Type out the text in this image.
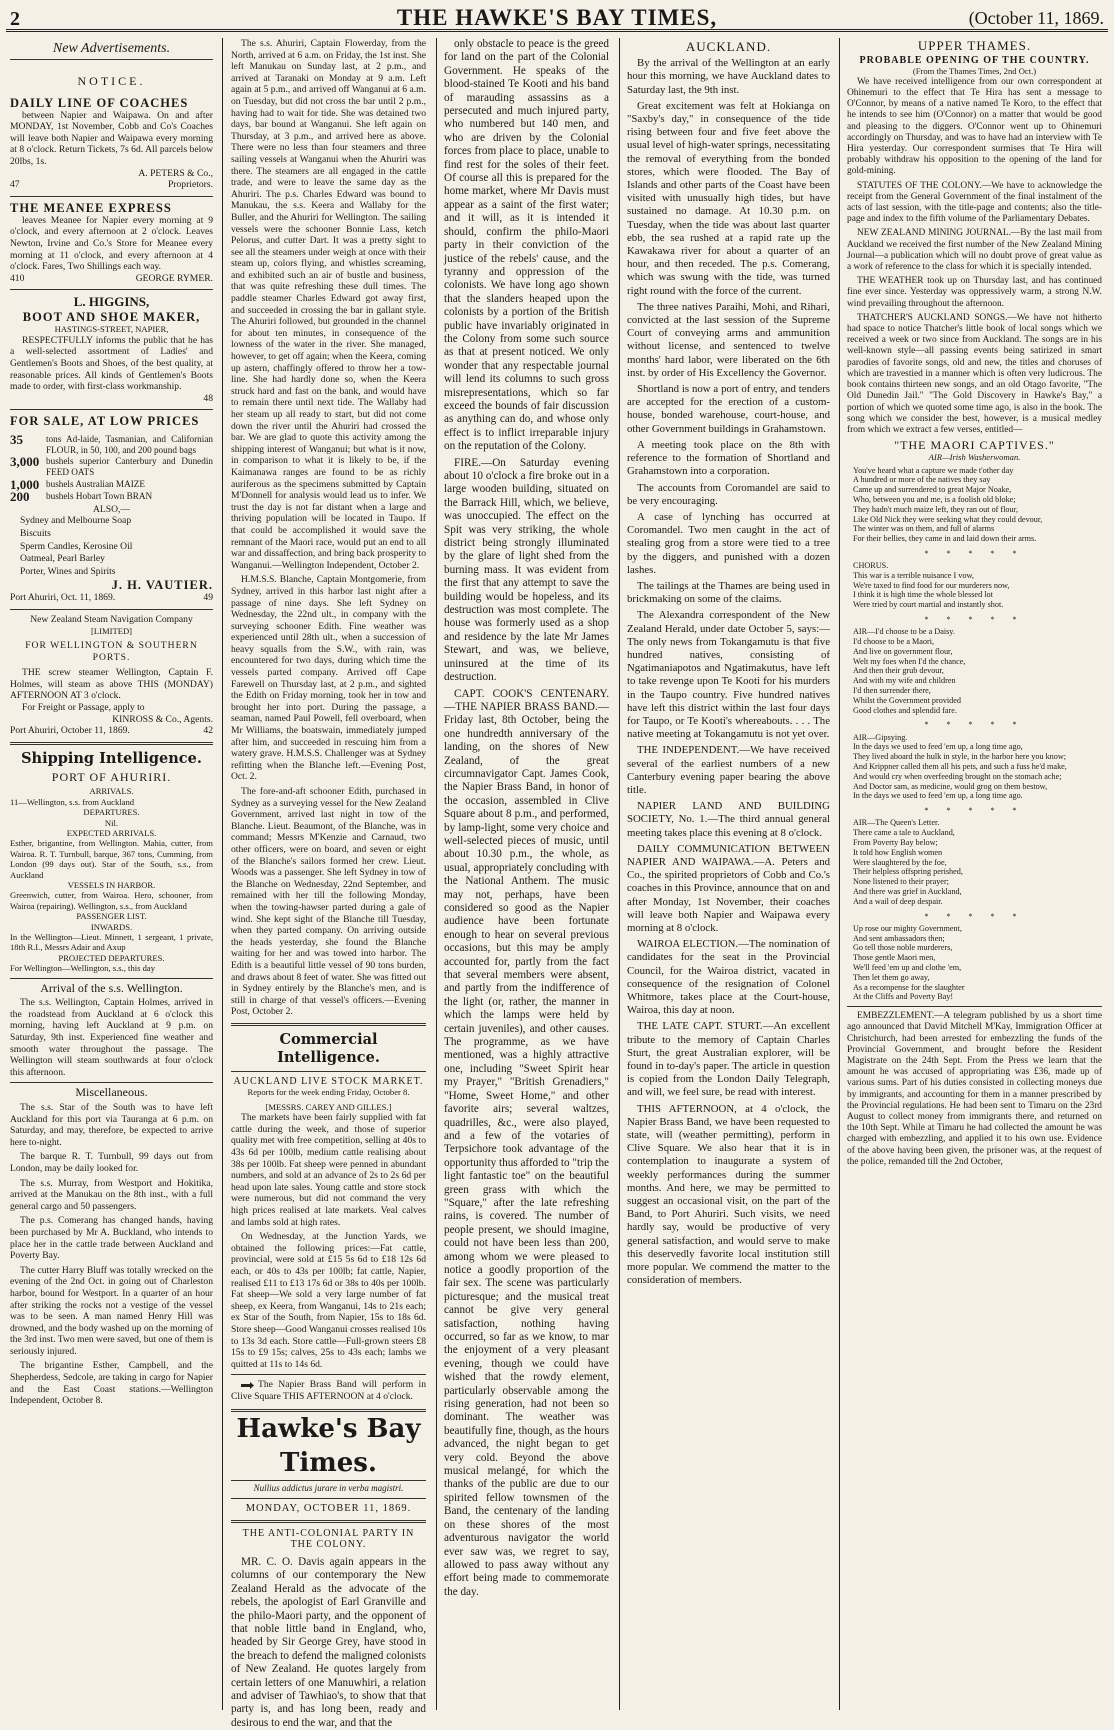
2	THE HAWKE'S BAY TIMES,	(October 11, 1869.
New Advertisements.
NOTICE.
DAILY LINE OF COACHES
between Napier and Waipawa. On and after MONDAY, 1st November, Cobb and Co's Coaches will leave both Napier and Waipawa every morning at 8 o'clock. Return Tickets, 7s 6d. All parcels below 20lbs, 1s.
A. PETERS & Co.,
47	Proprietors.
THE MEANEE EXPRESS
leaves Meanee for Napier every morning at 9 o'clock, and every afternoon at 2 o'clock. Leaves Newton, Irvine and Co.'s Store for Meanee every morning at 11 o'clock, and every afternoon at 4 o'clock. Fares, Two Shillings each way.
410	GEORGE RYMER.
L. HIGGINS,
BOOT AND SHOE MAKER,
HASTINGS-STREET, NAPIER,
RESPECTFULLY informs the public that he has a well-selected assortment of Ladies' and Gentlemen's Boots and Shoes, of the best quality, at reasonable prices. All kinds of Gentlemen's Boots made to order, with first-class workmanship.
48
FOR SALE, AT LOW PRICES
35	tons Ad-laide, Tasmanian, and Californian FLOUR, in 50, 100, and 200 pound bags
3,000 bushels superior Canterbury and Dunedin FEED OATS
1,000 bushels Australian MAIZE
200	bushels Hobart Town BRAN
ALSO,—
Sydney and Melbourne Soap
Biscuits
Sperm Candles, Kerosine Oil
Oatmeal, Pearl Barley
Porter, Wines and Spirits
J. H. VAUTIER.
Port Ahuriri, Oct. 11, 1869.	49
New Zealand Steam Navigation Company
[LIMITED]
FOR WELLINGTON & SOUTHERN PORTS.
THE screw steamer Wellington, Captain F. Holmes, will steam as above THIS (MONDAY) AFTERNOON AT 3 o'clock.
For Freight or Passage, apply to
KINROSS & Co., Agents.
Port Ahuriri, October 11, 1869.	42
Shipping Intelligence.
PORT OF AHURIRI.
ARRIVALS.
11—Wellington, s.s. from Auckland
DEPARTURES.
Nil.
EXPECTED ARRIVALS.
Esther, brigantine, from Wellington. Mahia, cutter, from Wairoa. R. T. Turnbull, barque, 367 tons, Cumming, from London (99 days out). Star of the South, s.s., from Auckland
VESSELS IN HARBOR.
Greenwich, cutter, from Wairoa. Hero, schooner, from Wairoa (repairing). Wellington, s.s., from Auckland
PASSENGER LIST.
INWARDS.
In the Wellington—Lieut. Minnett, 1 sergeant, 1 private, 18th R.I., Messrs Adair and Axup
PROJECTED DEPARTURES.
For Wellington—Wellington, s.s., this day
Arrival of the s.s. Wellington.
The s.s. Wellington, Captain Holmes, arrived in the roadstead from Auckland at 6 o'clock this morning, having left Auckland at 9 p.m. on Saturday, 9th inst. Experienced fine weather and smooth water throughout the passage. The Wellington will steam southwards at four o'clock this afternoon.
Miscellaneous.
The s.s. Star of the South was to have left Auckland for this port via Tauranga at 6 p.m. on Saturday, and may, therefore, be expected to arrive here to-night.
The barque R. T. Turnbull, 99 days out from London, may be daily looked for.
The s.s. Murray, from Westport and Hokitika, arrived at the Manukau on the 8th inst., with a full general cargo and 50 passengers.
The p.s. Comerang has changed hands, having been purchased by Mr A. Buckland, who intends to place her in the cattle trade between Auckland and Poverty Bay.
The cutter Harry Bluff was totally wrecked on the evening of the 2nd Oct. in going out of Charleston harbor, bound for Westport. In a quarter of an hour after striking the rocks not a vestige of the vessel was to be seen. A man named Henry Hill was drowned, and the body washed up on the morning of the 3rd inst. Two men were saved, but one of them is seriously injured.
The brigantine Esther, Campbell, and the Shepherdess, Sedcole, are taking in cargo for Napier and the East Coast stations.—Wellington Independent, October 8.
The s.s. Ahuriri, Captain Flowerday, from the North, arrived at 6 a.m. on Friday, the 1st inst. She left Manukau on Sunday last, at 2 p.m., and arrived at Taranaki on Monday at 9 a.m. Left again at 5 p.m., and arrived off Wanganui at 6 a.m. on Tuesday, but did not cross the bar until 2 p.m., having had to wait for tide. She was detained two days, bar bound at Wanganui. She left again on Thursday, at 3 p.m., and arrived here as above. There were no less than four steamers and three sailing vessels at Wanganui when the Ahuriri was there. The steamers are all engaged in the cattle trade, and were to leave the same day as the Ahuriri. The p.s. Charles Edward was bound to Manukau, the s.s. Keera and Wallaby for the Buller, and the Ahuriri for Wellington. The sailing vessels were the schooner Bonnie Lass, ketch Pelorus, and cutter Dart. It was a pretty sight to see all the steamers under weigh at once with their steam up, colors flying, and whistles screaming, and exhibited such an air of bustle and business, that was quite refreshing these dull times. The paddle steamer Charles Edward got away first, and succeeded in crossing the bar in gallant style. The Ahuriri followed, but grounded in the channel for about ten minutes, in consequence of the lowness of the water in the river. She managed, however, to get off again; when the Keera, coming up astern, chaffingly offered to throw her a tow-line. She had hardly done so, when the Keera struck hard and fast on the bank, and would have to remain there until next tide. The Wallaby had her steam up all ready to start, but did not come down the river until the Ahuriri had crossed the bar. We are glad to quote this activity among the shipping interest of Wanganui; but what is it now, in comparison to what it is likely to be, if the Kaimanawa ranges are found to be as richly auriferous as the specimens submitted by Captain M'Donnell for analysis would lead us to infer. We trust the day is not far distant when a large and thriving population will be located in Taupo. If that could be accomplished it would save the remnant of the Maori race, would put an end to all war and dissaffection, and bring back prosperity to Wanganui.—Wellington Independent, October 2.
H.M.S.S. Blanche, Captain Montgomerie, from Sydney, arrived in this harbor last night after a passage of nine days. She left Sydney on Wednesday, the 22nd ult., in company with the surveying schooner Edith. Fine weather was experienced until 28th ult., when a succession of heavy squalls from the S.W., with rain, was encountered for two days, during which time the vessels parted company. Arrived off Cape Farewell on Thursday last, at 2 p.m., and sighted the Edith on Friday morning, took her in tow and brought her into port. During the passage, a seaman, named Paul Powell, fell overboard, when Mr Williams, the boatswain, immediately jumped after him, and succeeded in rescuing him from a watery grave. H.M.S.S. Challenger was at Sydney refitting when the Blanche left.—Evening Post, Oct. 2.
The fore-and-aft schooner Edith, purchased in Sydney as a surveying vessel for the New Zealand Government, arrived last night in tow of the Blanche. Lieut. Beaumont, of the Blanche, was in command; Messrs M'Kenzie and Carnaud, two other officers, were on board, and seven or eight of the Blanche's sailors formed her crew. Lieut. Woods was a passenger. She left Sydney in tow of the Blanche on Wednesday, 22nd September, and remained with her till the following Monday, when the towing-hawser parted during a gale of wind. She kept sight of the Blanche till Tuesday, when they parted company. On arriving outside the heads yesterday, she found the Blanche waiting for her and was towed into harbor. The Edith is a beautiful little vessel of 90 tons burden, and draws about 8 feet of water. She was fitted out in Sydney entirely by the Blanche's men, and is still in charge of that vessel's officers.—Evening Post, October 2.
Commercial Intelligence.
AUCKLAND LIVE STOCK MARKET.
Reports for the week ending Friday, October 8.
[MESSRS. CAREY AND GILLES.]
The markets have been fairly supplied with fat cattle during the week, and those of superior quality met with free competition, selling at 40s to 43s 6d per 100lb, medium cattle realising about 38s per 100lb. Fat sheep were penned in abundant numbers, and sold at an advance of 2s to 2s 6d per head upon late sales. Young cattle and store stock were numerous, but did not command the very high prices realised at late markets. Veal calves and lambs sold at high rates.
On Wednesday, at the Junction Yards, we obtained the following prices:—Fat cattle, provincial, were sold at £15 5s 6d to £18 12s 6d each, or 40s to 43s per 100lb; fat cattle, Napier, realised £11 to £13 17s 6d or 38s to 40s per 100lb. Fat sheep—We sold a very large number of fat sheep, ex Keera, from Wanganui, 14s to 21s each; ex Star of the South, from Napier, 15s to 18s 6d. Store sheep—Good Wanganui crosses realised 10s to 13s 3d each. Store cattle—Full-grown steers £8 15s to £9 15s; calves, 25s to 43s each; lambs we quitted at 11s to 14s 6d.
The Napier Brass Band will perform in Clive Square THIS AFTERNOON at 4 o'clock.
Hawke's Bay Times.
Nullius addictus jurare in verba magistri.
MONDAY, OCTOBER 11, 1869.
THE ANTI-COLONIAL PARTY IN THE COLONY.
MR. C. O. Davis again appears in the columns of our contemporary the New Zealand Herald as the advocate of the rebels, the apologist of Earl Granville and the philo-Maori party, and the opponent of that noble little band in England, who, headed by Sir George Grey, have stood in the breach to defend the maligned colonists of New Zealand. He quotes largely from certain letters of one Manuwhiri, a relation and adviser of Tawhiao's, to show that that party is, and has long been, ready and desirous to end the war, and that the
only obstacle to peace is the greed for land on the part of the Colonial Government. He speaks of the blood-stained Te Kooti and his band of marauding assassins as a persecuted and much injured party, who numbered but 140 men, and who are driven by the Colonial forces from place to place, unable to find rest for the soles of their feet. Of course all this is prepared for the home market, where Mr Davis must appear as a saint of the first water; and it will, as it is intended it should, confirm the philo-Maori party in their conviction of the justice of the rebels' cause, and the tyranny and oppression of the colonists. We have long ago shown that the slanders heaped upon the colonists by a portion of the British public have invariably originated in the Colony from some such source as that at present noticed. We only wonder that any respectable journal will lend its columns to such gross misrepresentations, which so far exceed the bounds of fair discussion as anything can do, and whose only effect is to inflict irreparable injury on the reputation of the Colony.
FIRE.—On Saturday evening about 10 o'clock a fire broke out in a large wooden building, situated on the Barrack Hill, which, we believe, was unoccupied. The effect on the Spit was very striking, the whole district being strongly illuminated by the glare of light shed from the burning mass. It was evident from the first that any attempt to save the building would be hopeless, and its destruction was most complete. The house was formerly used as a shop and residence by the late Mr James Stewart, and was, we believe, uninsured at the time of its destruction.
CAPT. COOK'S CENTENARY.—THE NAPIER BRASS BAND.—Friday last, 8th October, being the one hundredth anniversary of the landing, on the shores of New Zealand, of the great circumnavigator Capt. James Cook, the Napier Brass Band, in honor of the occasion, assembled in Clive Square about 8 p.m., and performed, by lamp-light, some very choice and well-selected pieces of music, until about 10.30 p.m., the whole, as usual, appropriately concluding with the National Anthem. The music may not, perhaps, have been considered so good as the Napier audience have been fortunate enough to hear on several previous occasions, but this may be amply accounted for, partly from the fact that several members were absent, and partly from the indifference of the light (or, rather, the manner in which the lamps were held by certain juveniles), and other causes. The programme, as we have mentioned, was a highly attractive one, including "Sweet Spirit hear my Prayer," "British Grenadiers," "Home, Sweet Home," and other favorite airs; several waltzes, quadrilles, &c., were also played, and a few of the votaries of Terpsichore took advantage of the opportunity thus afforded to "trip the light fantastic toe" on the beautiful green grass with which the "Square," after the late refreshing rains, is covered. The number of people present, we should imagine, could not have been less than 200, among whom we were pleased to notice a goodly proportion of the fair sex. The scene was particularly picturesque; and the musical treat cannot be give very general satisfaction, nothing having occurred, so far as we know, to mar the enjoyment of a very pleasant evening, though we could have wished that the rowdy element, particularly observable among the rising generation, had not been so dominant. The weather was beautifully fine, though, as the hours advanced, the night began to get very cold. Beyond the above musical melangé, for which the thanks of the public are due to our spirited fellow townsmen of the Band, the centenary of the landing on these shores of the most adventurous navigator the world ever saw was, we regret to say, allowed to pass away without any effort being made to commemorate the day.
AUCKLAND.
By the arrival of the Wellington at an early hour this morning, we have Auckland dates to Saturday last, the 9th inst.
Great excitement was felt at Hokianga on "Saxby's day," in consequence of the tide rising between four and five feet above the usual level of high-water springs, necessitating the removal of everything from the bonded stores, which were flooded. The Bay of Islands and other parts of the Coast have been visited with unusually high tides, but have sustained no damage. At 10.30 p.m. on Tuesday, when the tide was about last quarter ebb, the sea rushed at a rapid rate up the Kawakawa river for about a quarter of an hour, and then receded. The p.s. Comerang, which was swung with the tide, was turned right round with the force of the current.
The three natives Paraihi, Mohi, and Rihari, convicted at the last session of the Supreme Court of conveying arms and ammunition without license, and sentenced to twelve months' hard labor, were liberated on the 6th inst. by order of His Excellency the Governor.
Shortland is now a port of entry, and tenders are accepted for the erection of a custom-house, bonded warehouse, court-house, and other Government buildings in Grahamstown.
A meeting took place on the 8th with reference to the formation of Shortland and Grahamstown into a corporation.
The accounts from Coromandel are said to be very encouraging.
A case of lynching has occurred at Coromandel. Two men caught in the act of stealing grog from a store were tied to a tree by the diggers, and punished with a dozen lashes.
The tailings at the Thames are being used in brickmaking on some of the claims.
The Alexandra correspondent of the New Zealand Herald, under date October 5, says:—The only news from Tokangamutu is that five hundred natives, consisting of Ngatimaniapotos and Ngatimakutus, have left to take revenge upon Te Kooti for his murders in the Taupo country. Five hundred natives have left this district within the last four days for Taupo, or Te Kooti's whereabouts. . . . The native meeting at Tokangamutu is not yet over.
THE INDEPENDENT.—We have received several of the earliest numbers of a new Canterbury evening paper bearing the above title.
NAPIER LAND AND BUILDING SOCIETY, No. 1.—The third annual general meeting takes place this evening at 8 o'clock.
DAILY COMMUNICATION BETWEEN NAPIER AND WAIPAWA.—A. Peters and Co., the spirited proprietors of Cobb and Co.'s coaches in this Province, announce that on and after Monday, 1st November, their coaches will leave both Napier and Waipawa every morning at 8 o'clock.
WAIROA ELECTION.—The nomination of candidates for the seat in the Provincial Council, for the Wairoa district, vacated in consequence of the resignation of Colonel Whitmore, takes place at the Court-house, Wairoa, this day at noon.
THE LATE CAPT. STURT.—An excellent tribute to the memory of Captain Charles Sturt, the great Australian explorer, will be found in to-day's paper. The article in question is copied from the London Daily Telegraph, and will, we feel sure, be read with interest.
THIS AFTERNOON, at 4 o'clock, the Napier Brass Band, we have been requested to state, will (weather permitting), perform in Clive Square. We also hear that it is in contemplation to inaugurate a system of weekly performances during the summer months. And here, we may be permitted to suggest an occasional visit, on the part of the Band, to Port Ahuriri. Such visits, we need hardly say, would be productive of very general satisfaction, and would serve to make this deservedly favorite local institution still more popular. We commend the matter to the consideration of members.
UPPER THAMES.
PROBABLE OPENING OF THE COUNTRY.
(From the Thames Times, 2nd Oct.)
We have received intelligence from our own correspondent at Ohinemuri to the effect that Te Hira has sent a message to O'Connor, by means of a native named Te Koro, to the effect that he intends to see him (O'Connor) on a matter that would be good and pleasing to the diggers. O'Connor went up to Ohinemuri accordingly on Thursday, and was to have had an interview with Te Hira yesterday. Our correspondent surmises that Te Hira will probably withdraw his opposition to the opening of the land for gold-mining.
STATUTES OF THE COLONY.—We have to acknowledge the receipt from the General Government of the final instalment of the acts of last session, with the title-page and contents; also the title-page and index to the fifth volume of the Parliamentary Debates.
NEW ZEALAND MINING JOURNAL.—By the last mail from Auckland we received the first number of the New Zealand Mining Journal—a publication which will no doubt prove of great value as a work of reference to the class for which it is specially intended.
THE WEATHER took up on Thursday last, and has continued fine ever since. Yesterday was oppressively warm, a strong N.W. wind prevailing throughout the afternoon.
THATCHER'S AUCKLAND SONGS.—We have not hitherto had space to notice Thatcher's little book of local songs which we received a week or two since from Auckland. The songs are in his well-known style—all passing events being satirized in smart parodies of favorite songs, old and new, the titles and choruses of which are travestied in a manner which is often very ludicrous. The book contains thirteen new songs, and an old Otago favorite, "The Old Dunedin Jail." "The Gold Discovery in Hawke's Bay," a portion of which we quoted some time ago, is also in the book. The song which we consider the best, however, is a musical medley from which we extract a few verses, entitled—
"THE MAORI CAPTIVES."
AIR—Irish Washerwoman.
You've heard what a capture we made t'other day
A hundred or more of the natives they say
Came up and surrendered to great Major Noake,
Who, between you and me, is a foolish old bloke;
They hadn't much maize left, they ran out of flour,
Like Old Nick they were seeking what they could devour,
The winter was on them, and full of alarms
For their bellies, they came in and laid down their arms.
* * * * *
CHORUS.
This war is a terrible nuisance I vow,
We're taxed to find food for our murderers now,
I think it is high time the whole blessed lot
Were tried by court martial and instantly shot.
* * * * *
AIR—I'd choose to be a Daisy.
I'd choose to be a Maori,
And live on government flour,
Welt my foes when I'd the chance,
And then their grub devour,
And with my wife and children
I'd then surrender there,
Whilst the Government provided
Good clothes and splendid fare.
* * * * *
AIR—Gipsying.
In the days we used to feed 'em up, a long time ago,
They lived aboard the hulk in style, in the harbor here you know;
And Krippner called them all his pets, and such a fuss he'd make,
And would cry when overfeeding brought on the stomach ache;
And Doctor sam, as medicine, would grog on them bestow,
In the days we used to feed 'em up, a long time ago.
* * * * *
AIR—The Queen's Letter.
There came a tale to Auckland,
From Poverty Bay below;
It told how English women
Were slaughtered by the foe,
Their helpless offspring perished,
None listened to their prayer;
And there was grief in Auckland,
And a wail of deep despair.
* * * * *
Up rose our mighty Government,
And sent ambassadors then;
Go tell those noble murderers,
Those gentle Maori men,
We'll feed 'em up and clothe 'em,
Then let them go away,
As a recompense for the slaughter
At the Cliffs and Poverty Bay!
EMBEZZLEMENT.—A telegram published by us a short time ago announced that David Mitchell M'Kay, Immigration Officer at Christchurch, had been arrested for embezzling the funds of the Provincial Government, and brought before the Resident Magistrate on the 24th Sept. From the Press we learn that the amount he was accused of appropriating was £36, made up of various sums. Part of his duties consisted in collecting moneys due by immigrants, and accounting for them in a manner prescribed by the Provincial regulations. He had been sent to Timaru on the 23rd August to collect money from immigrants there, and returned on the 10th Sept. While at Timaru he had collected the amount he was charged with embezzling, and applied it to his own use. Evidence of the above having been given, the prisoner was, at the request of the police, remanded till the 2nd October,
